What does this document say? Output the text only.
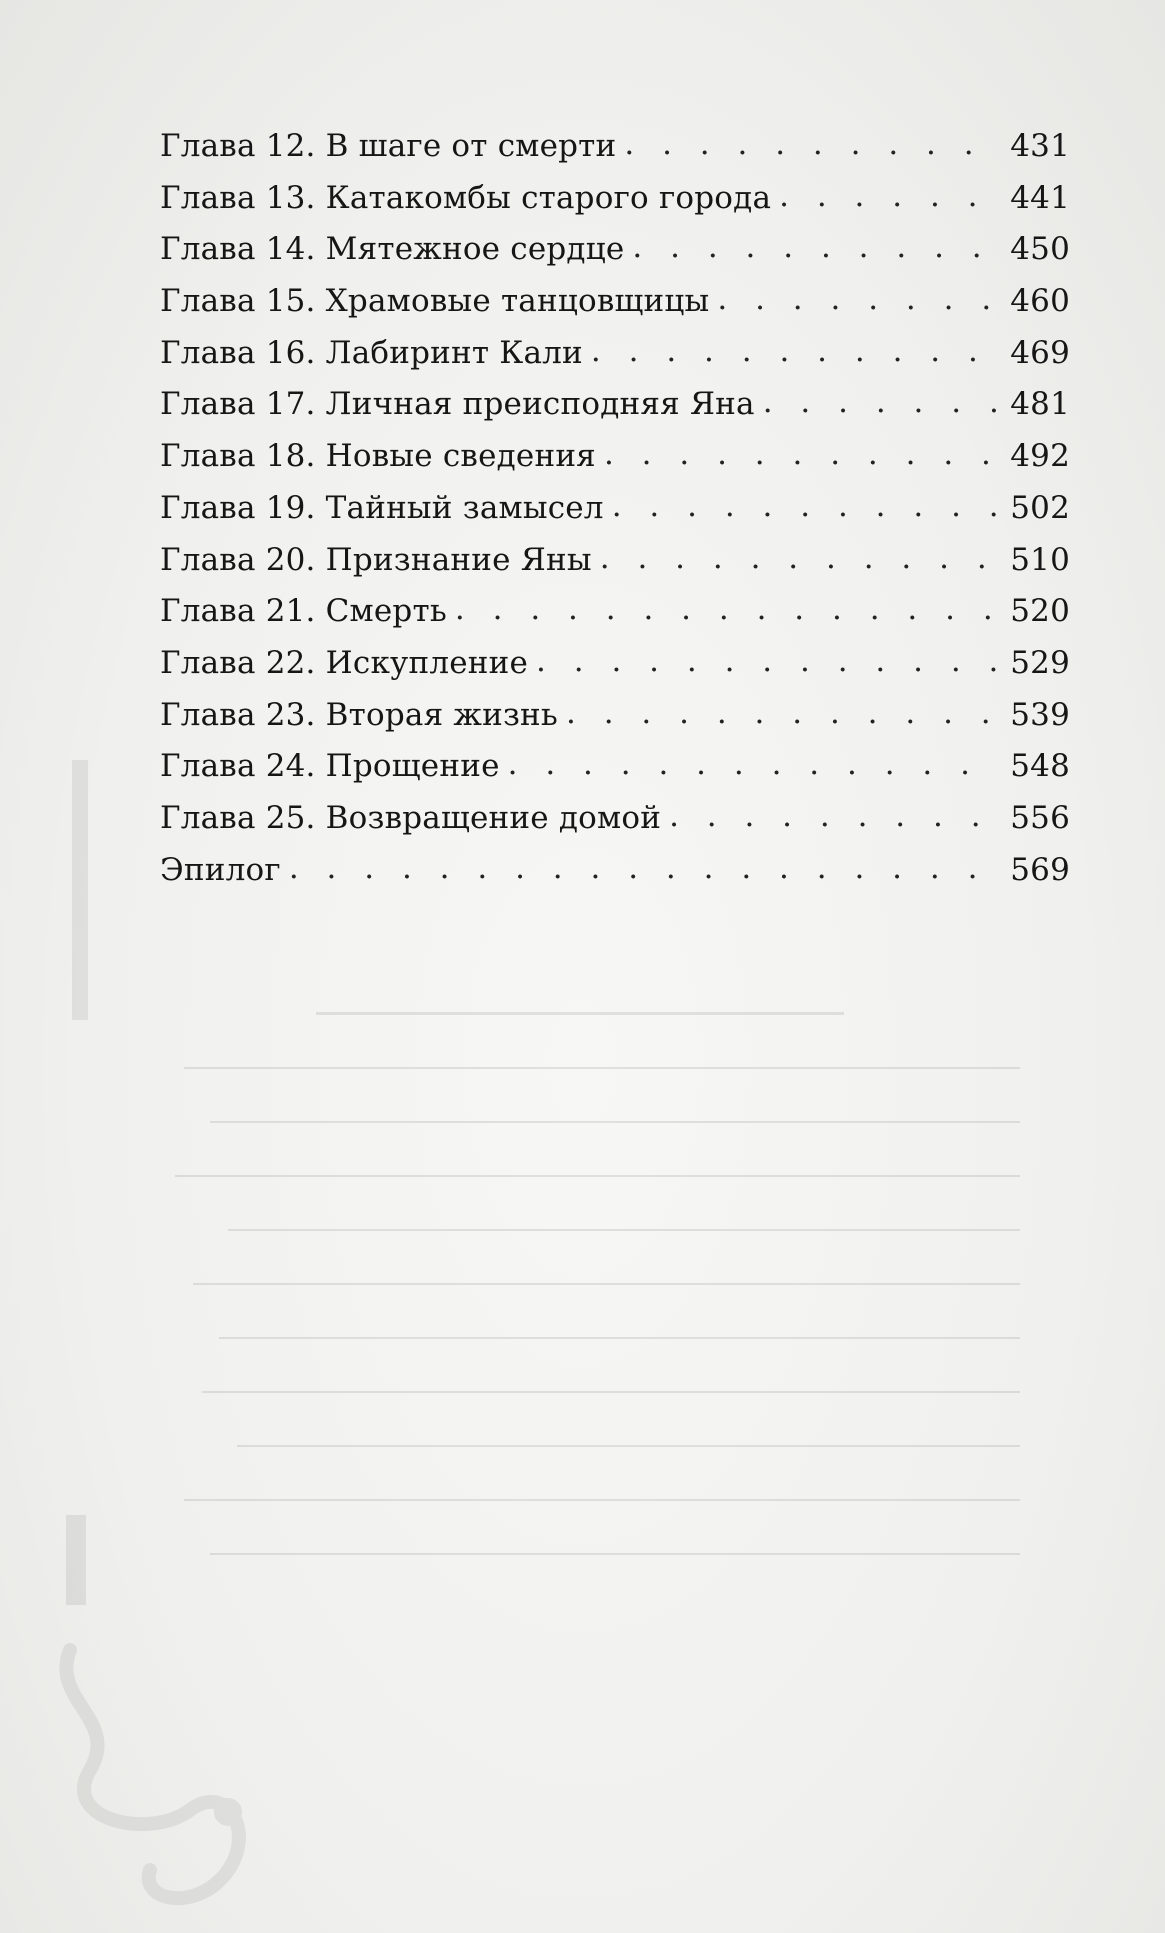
Глава 12. В шаге от смерти . . .	431
Глава 13. Катакомбы старого города . . .	441
Глава 14. Мятежное сердце . . .	450
Глава 15. Храмовые танцовщицы . . .	460
Глава 16. Лабиринт Кали . . .	469
Глава 17. Личная преисподняя Яна . . .	481
Глава 18. Новые сведения . . .	492
Глава 19. Тайный замысел . . .	502
Глава 20. Признание Яны . . .	510
Глава 21. Смерть . . .	520
Глава 22. Искупление . . .	529
Глава 23. Вторая жизнь . . .	539
Глава 24. Прощение . . .	548
Глава 25. Возвращение домой . . .	556
Эпилог . . .	569
